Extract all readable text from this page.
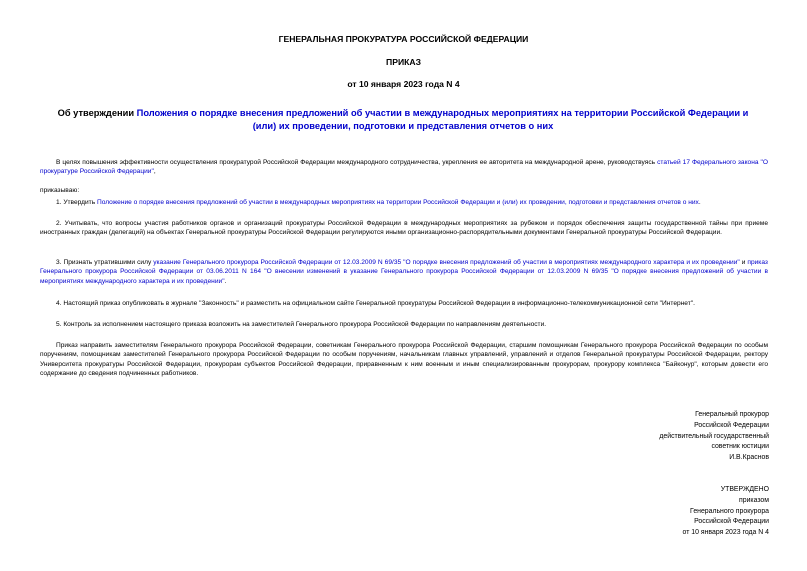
ГЕНЕРАЛЬНАЯ ПРОКУРАТУРА РОССИЙСКОЙ ФЕДЕРАЦИИ
ПРИКАЗ
от 10 января 2023 года N 4
Об утверждении Положения о порядке внесения предложений об участии в международных мероприятиях на территории Российской Федерации и (или) их проведении, подготовки и представления отчетов о них
В целях повышения эффективности осуществления прокуратурой Российской Федерации международного сотрудничества, укрепления ее авторитета на международной арене, руководствуясь статьей 17 Федерального закона "О прокуратуре Российской Федерации",
приказываю:
1. Утвердить Положение о порядке внесения предложений об участии в международных мероприятиях на территории Российской Федерации и (или) их проведении, подготовки и представления отчетов о них.
2. Учитывать, что вопросы участия работников органов и организаций прокуратуры Российской Федерации в международных мероприятиях за рубежом и порядок обеспечения защиты государственной тайны при приеме иностранных граждан (делегаций) на объектах Генеральной прокуратуры Российской Федерации регулируются иными организационно-распорядительными документами Генеральной прокуратуры Российской Федерации.
3. Признать утратившими силу указание Генерального прокурора Российской Федерации от 12.03.2009 N 69/35 "О порядке внесения предложений об участии в мероприятиях международного характера и их проведении" и приказ Генерального прокурора Российской Федерации от 03.06.2011 N 164 "О внесении изменений в указание Генерального прокурора Российской Федерации от 12.03.2009 N 69/35 "О порядке внесения предложений об участии в мероприятиях международного характера и их проведении".
4. Настоящий приказ опубликовать в журнале "Законность" и разместить на официальном сайте Генеральной прокуратуры Российской Федерации в информационно-телекоммуникационной сети "Интернет".
5. Контроль за исполнением настоящего приказа возложить на заместителей Генерального прокурора Российской Федерации по направлениям деятельности.
Приказ направить заместителям Генерального прокурора Российской Федерации, советникам Генерального прокурора Российской Федерации, старшим помощникам Генерального прокурора Российской Федерации по особым поручениям, помощникам заместителей Генерального прокурора Российской Федерации по особым поручениям, начальникам главных управлений, управлений и отделов Генеральной прокуратуры Российской Федерации, ректору Университета прокуратуры Российской Федерации, прокурорам субъектов Российской Федерации, приравненным к ним военным и иным специализированным прокурорам, прокурору комплекса "Байконур", которым довести его содержание до сведения подчиненных работников.
Генеральный прокурор
Российской Федерации
действительный государственный
советник юстиции
И.В.Краснов
УТВЕРЖДЕНО
приказом
Генерального прокурора
Российской Федерации
от 10 января 2023 года N 4
